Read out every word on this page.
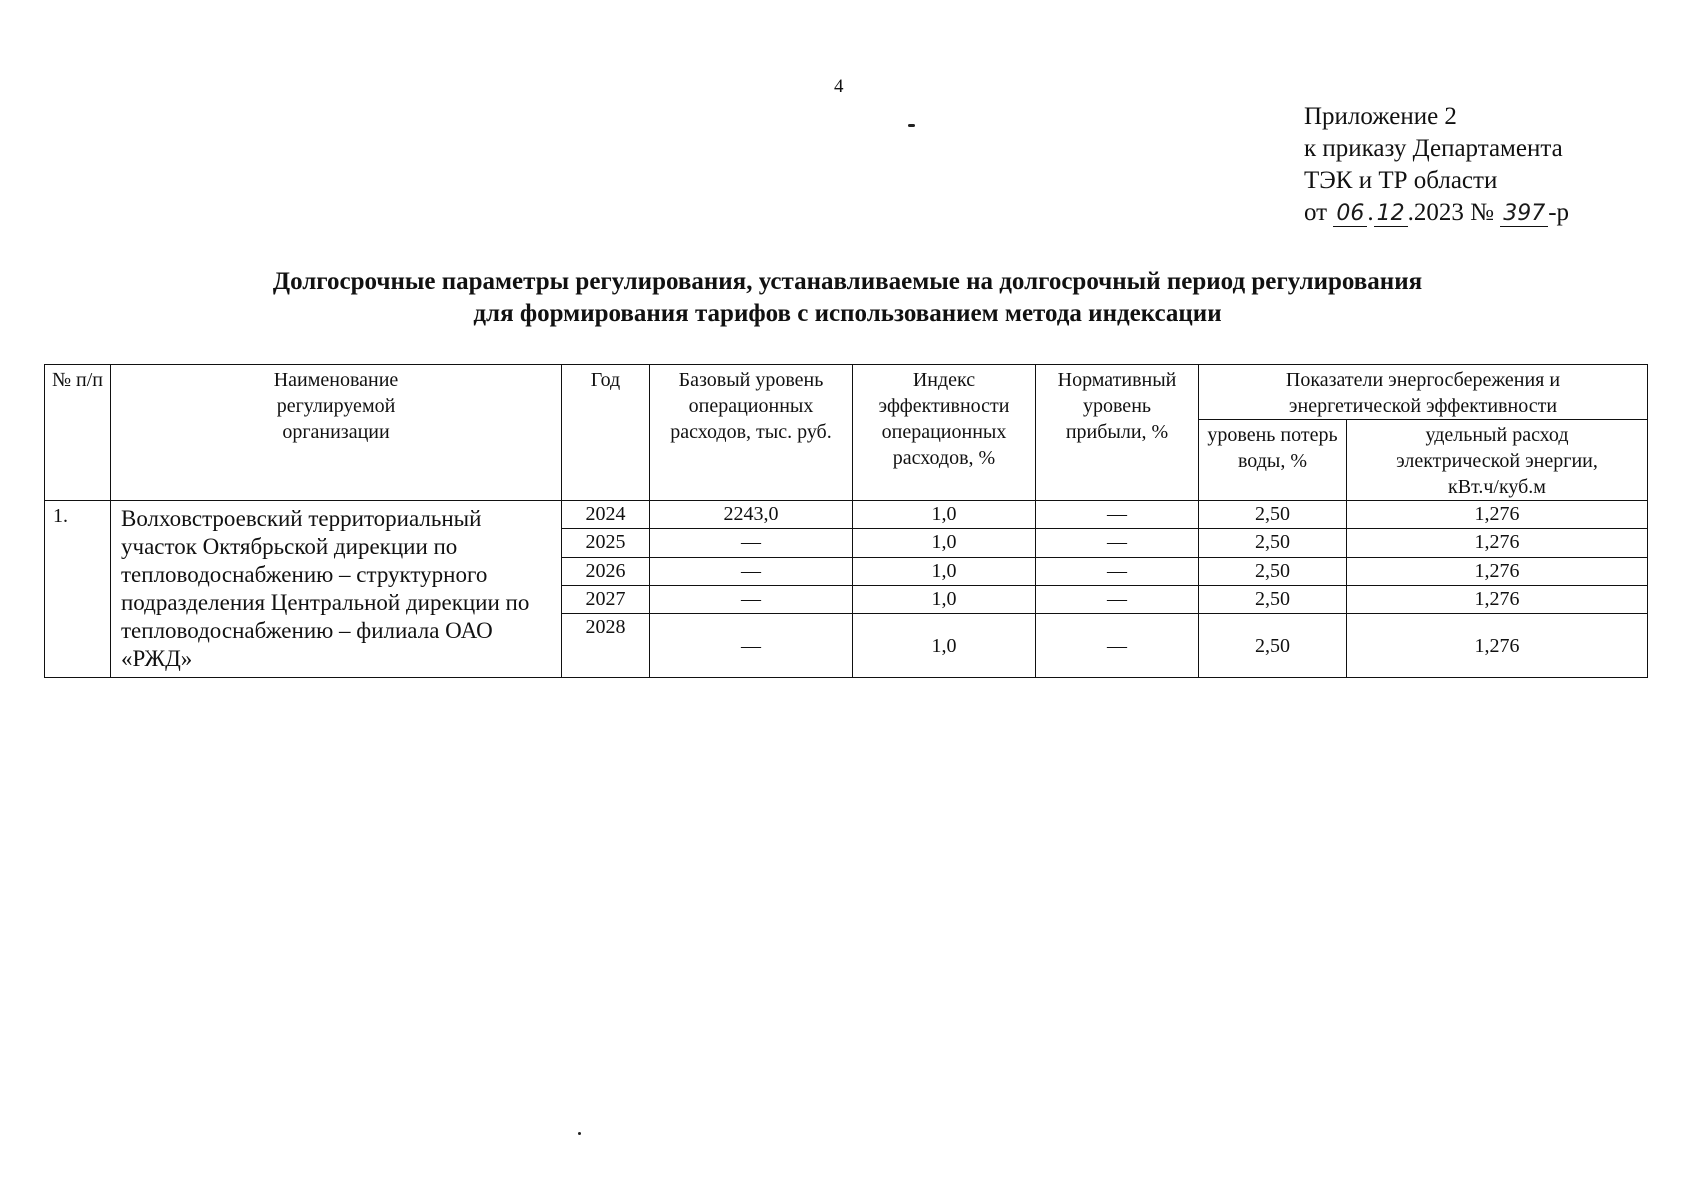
4
Приложение 2
к приказу Департамента
ТЭК и ТР области
от 06 . 12 .2023 № 397 -р
Долгосрочные параметры регулирования, устанавливаемые на долгосрочный период регулирования
для формирования тарифов с использованием метода индексации
№ п/п	Наименование регулируемой организации	Год	Базовый уровень операционных расходов, тыс. руб.	Индекс эффективности операционных расходов, %	Нормативный уровень прибыли, %	Показатели энергосбережения и энергетической эффективности	
						уровень потерь воды, %	удельный расход электрической энергии, кВт.ч/куб.м
1.	Волховстроевский территориальный участок Октябрьской дирекции по тепловодоснабжению – структурного подразделения Центральной дирекции по тепловодоснабжению – филиала ОАО «РЖД»	2024	2243,0	1,0	—	2,50	1,276
		2025	—	1,0	—	2,50	1,276
		2026	—	1,0	—	2,50	1,276
		2027	—	1,0	—	2,50	1,276
		2028	—	1,0	—	2,50	1,276
